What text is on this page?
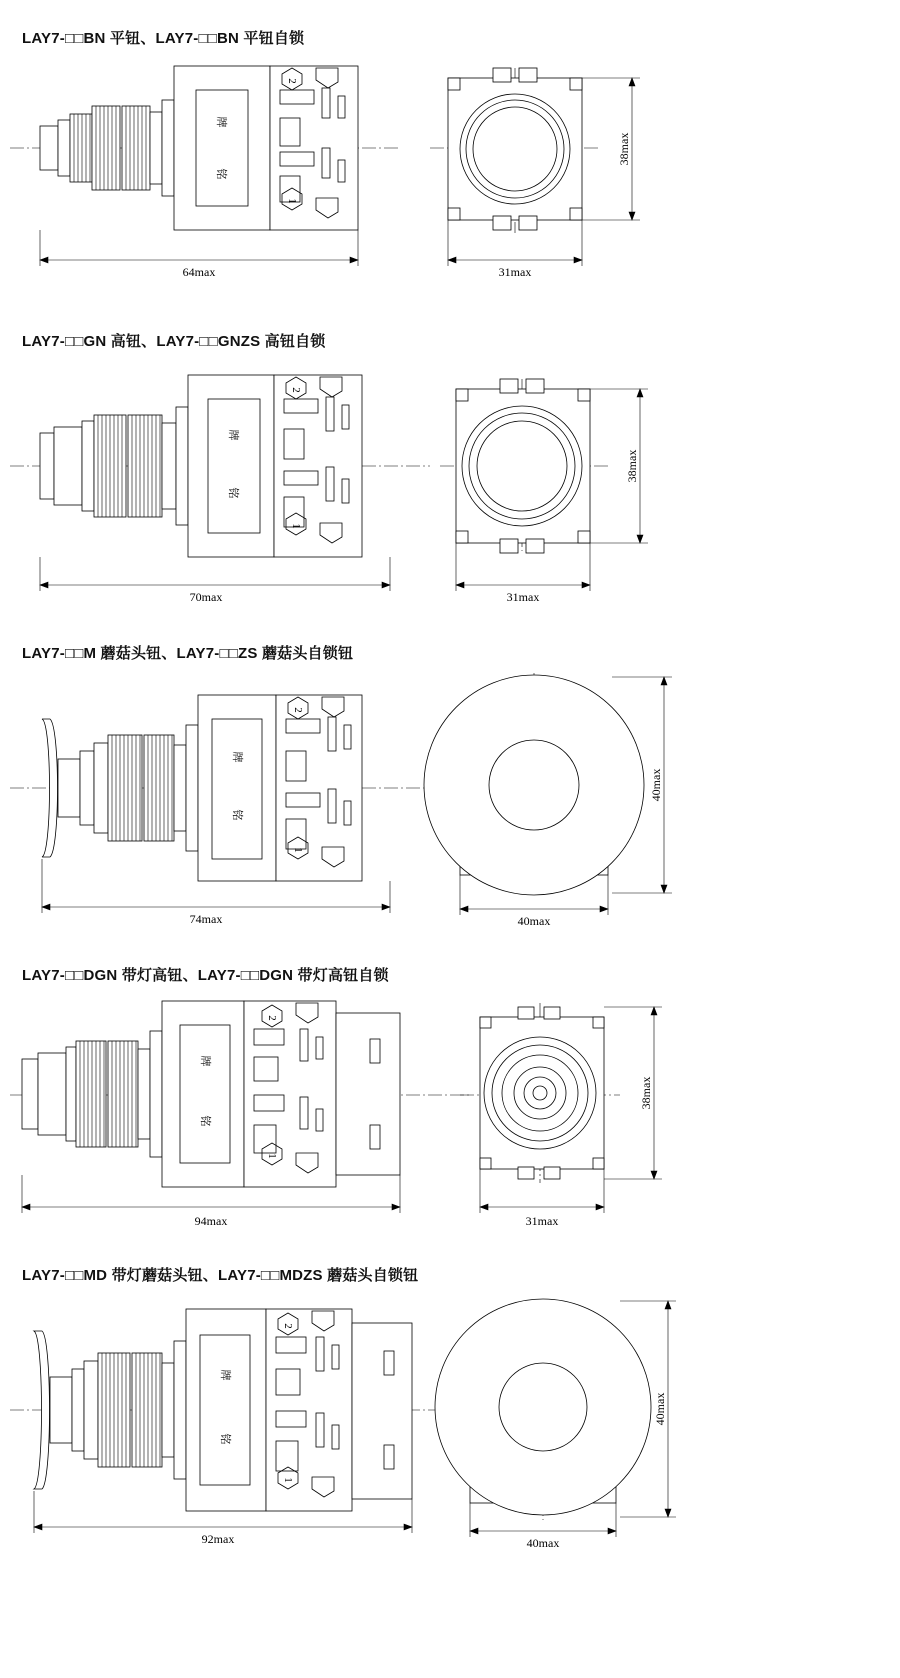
LAY7-□□BN 平钮、LAY7-□□BN 平钮自锁
牌
铭
2
1
64max	31max
38max
LAY7-□□GN 高钮、LAY7-□□GNZS 高钮自锁
牌
铭
2
1
70max	31max
38max
LAY7-□□M 蘑菇头钮、LAY7-□□ZS 蘑菇头自锁钮
牌
铭
2
1
74max	40max
40max
LAY7-□□DGN 带灯高钮、LAY7-□□DGN 带灯高钮自锁
牌
铭
2
1
94max	31max
38max
LAY7-□□MD 带灯蘑菇头钮、LAY7-□□MDZS 蘑菇头自锁钮
牌
铭
2
1
92max	40max
40max
